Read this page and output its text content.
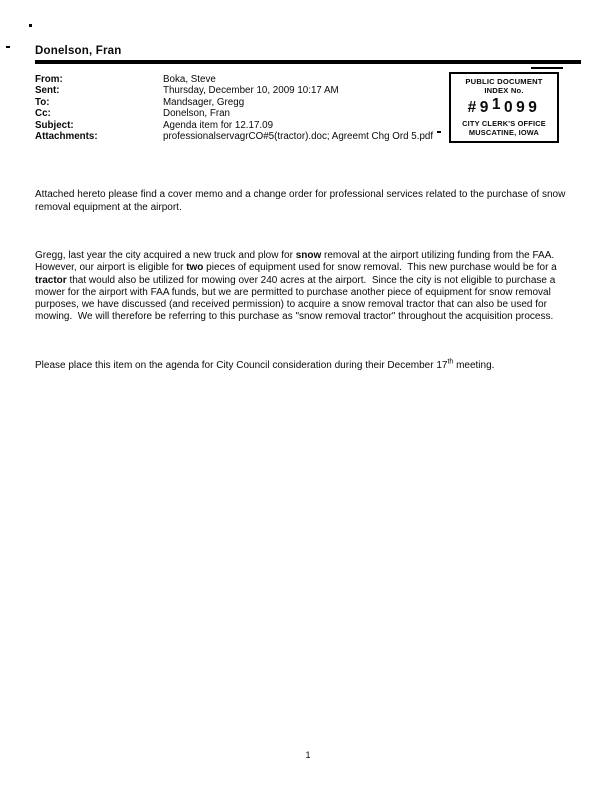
Donelson, Fran
From:	Boka, Steve
Sent:	Thursday, December 10, 2009 10:17 AM
To:	Mandsager, Gregg
Cc:	Donelson, Fran
Subject:	Agenda item for 12.17.09
Attachments:	professionalservagrCO#5(tractor).doc; Agreemt Chg Ord 5.pdf
PUBLIC DOCUMENT
INDEX No.
#91099
CITY CLERK'S OFFICE
MUSCATINE, IOWA

Attached hereto please find a cover memo and a change order for professional services related to the purchase of snow removal equipment at the airport.

Gregg, last year the city acquired a new truck and plow for snow removal at the airport utilizing funding from the FAA.  However, our airport is eligible for two pieces of equipment used for snow removal.  This new purchase would be for a tractor that would also be utilized for mowing over 240 acres at the airport.  Since the city is not eligible to purchase a mower for the airport with FAA funds, but we are permitted to purchase another piece of equipment for snow removal purposes, we have discussed (and received permission) to acquire a snow removal tractor that can also be used for mowing.  We will therefore be referring to this purchase as "snow removal tractor" throughout the acquisition process.

Please place this item on the agenda for City Council consideration during their December 17th meeting.

1
